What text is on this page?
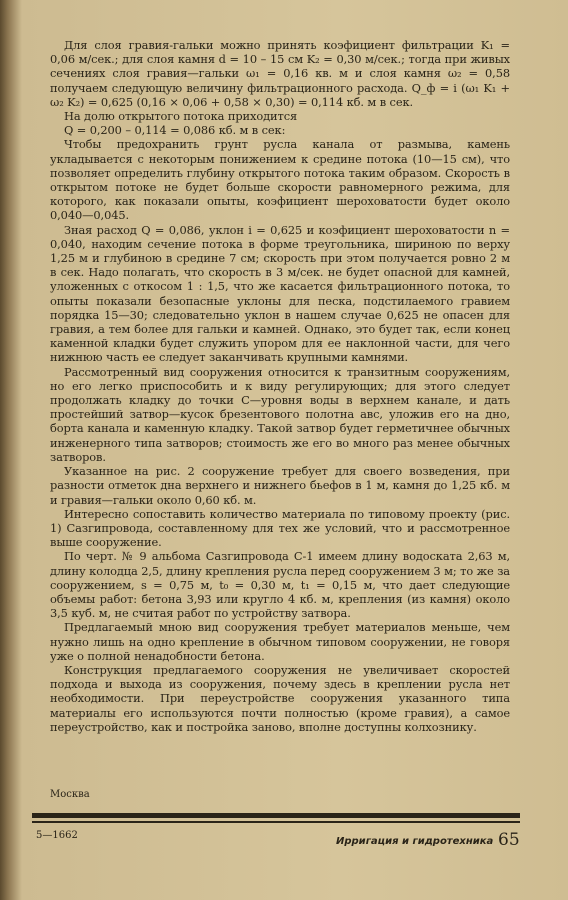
Для слоя гравия-гальки можно принять коэфициент фильтрации K₁ = 0,06 м/сек.; для слоя камня d = 10 – 15 см K₂ = 0,30 м/сек.; тогда при живых сечениях слоя гравия—гальки ω₁ = 0,16 кв. м и слоя камня ω₂ = 0,58 получаем следующую величину фильтрационного расхода. Q_ф = i (ω₁ K₁ + ω₂ K₂) = 0,625 (0,16 × 0,06 + 0,58 × 0,30) = 0,114 кб. м в сек.

На долю открытого потока приходится

Q = 0,200 – 0,114 = 0,086 кб. м в сек:

Чтобы предохранить грунт русла канала от размыва, камень укладывается с некоторым понижением к средине потока (10—15 см), что позволяет определить глубину открытого потока таким образом. Скорость в открытом потоке не будет больше скорости равномерного режима, для которого, как показали опыты, коэфициент шероховатости будет около 0,040—0,045.

Зная расход Q = 0,086, уклон i = 0,625 и коэфициент шероховатости n = 0,040, находим сечение потока в форме треугольника, шириною по верху 1,25 м и глубиною в средине 7 см; скорость при этом получается ровно 2 м в сек. Надо полагать, что скорость в 3 м/сек. не будет опасной для камней, уложенных с откосом 1 : 1,5, что же касается фильтрационного потока, то опыты показали безопасные уклоны для песка, подстилаемого гравием порядка 15—30; следовательно уклон в нашем случае 0,625 не опасен для гравия, а тем более для гальки и камней. Однако, это будет так, если конец каменной кладки будет служить упором для ее наклонной части, для чего нижнюю часть ее следует заканчивать крупными камнями.

Рассмотренный вид сооружения относится к транзитным сооружениям, но его легко приспособить и к виду регулирующих; для этого следует продолжать кладку до точки С—уровня воды в верхнем канале, и дать простейший затвор—кусок брезентового полотна авс, уложив его на дно, борта канала и каменную кладку. Такой затвор будет герметичнее обычных инженерного типа затворов; стоимость же его во много раз менее обычных затворов.

Указанное на рис. 2 сооружение требует для своего возведения, при разности отметок дна верхнего и нижнего бьефов в 1 м, камня до 1,25 кб. м и гравия—гальки около 0,60 кб. м.

Интересно сопоставить количество материала по типовому проекту (рис. 1) Сазгипровода, составленному для тех же условий, что и рассмотренное выше сооружение.

По черт. № 9 альбома Сазгипровода С-1 имеем длину водоската 2,63 м, длину колодца 2,5, длину крепления русла перед сооружением 3 м; то же за сооружением, s = 0,75 м, t₀ = 0,30 м, t₁ = 0,15 м, что дает следующие объемы работ: бетона 3,93 или кругло 4 кб. м, крепления (из камня) около 3,5 куб. м, не считая работ по устройству затвора.

Предлагаемый мною вид сооружения требует материалов меньше, чем нужно лишь на одно крепление в обычном типовом сооружении, не говоря уже о полной ненадобности бетона.

Конструкция предлагаемого сооружения не увеличивает скоростей подхода и выхода из сооружения, почему здесь в креплении русла нет необходимости. При переустройстве сооружения указанного типа материалы его используются почти полностью (кроме гравия), а самое переустройство, как и постройка заново, вполне доступны колхознику.

Москва
5—1662
Ирригация и гидротехника 65
